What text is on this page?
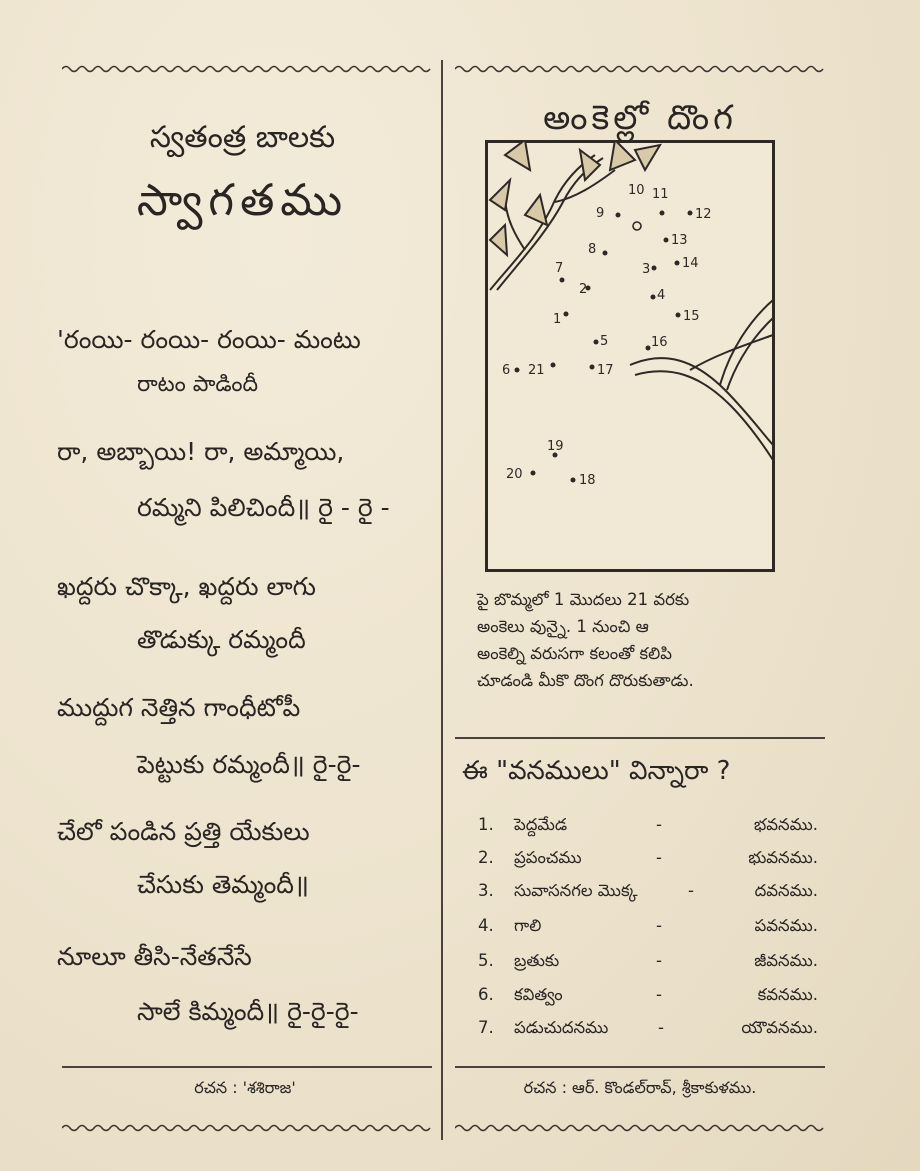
స్వతంత్ర బాలకు
స్వాగతము
'రంయి- రంయి- రంయి- మంటు
రాటం పాడిందీ
రా, అబ్బాయి! రా, అమ్మాయి,
రమ్మని పిలిచిందీ॥ రై - రై -
ఖద్దరు చొక్కా, ఖద్దరు లాగు
తొడుక్కు రమ్మందీ
ముద్దుగ నెత్తిన గాంధీటోపీ
పెట్టుకు రమ్మందీ॥ రై-రై-
చేలో పండిన ప్రత్తి యేకులు
చేసుకు తెమ్మందీ॥
నూలూ తీసి-నేతనేసే
సాలే కిమ్మందీ॥ రై-రై-రై-
రచన : 'శశిరాజ'
అంకెల్లో దొంగ
1
2
3
4
5
6
7
8
9
10 11
12
13
14
15
16
17
18
19
20
21
పై బొమ్మలో 1 మొదలు 21 వరకు
అంకెలు వున్నై. 1 నుంచి ఆ
అంకెల్ని వరుసగా కలంతో కలిపి
చూడండి మీకొ దొంగ దొరుకుతాడు.
ఈ "వనములు" విన్నారా ?
1. పెద్దమేడ	-	భవనము.
2. ప్రపంచము	-	భువనము.
3. సువాసనగల మొక్క	-	దవనము.
4. గాలి	-	పవనము.
5. బ్రతుకు	-	జీవనము.
6. కవిత్వం	-	కవనము.
7. పడుచుదనము	-	యౌవనము.
రచన : ఆర్. కొండల్‌రావ్, శ్రీకాకుళము.
